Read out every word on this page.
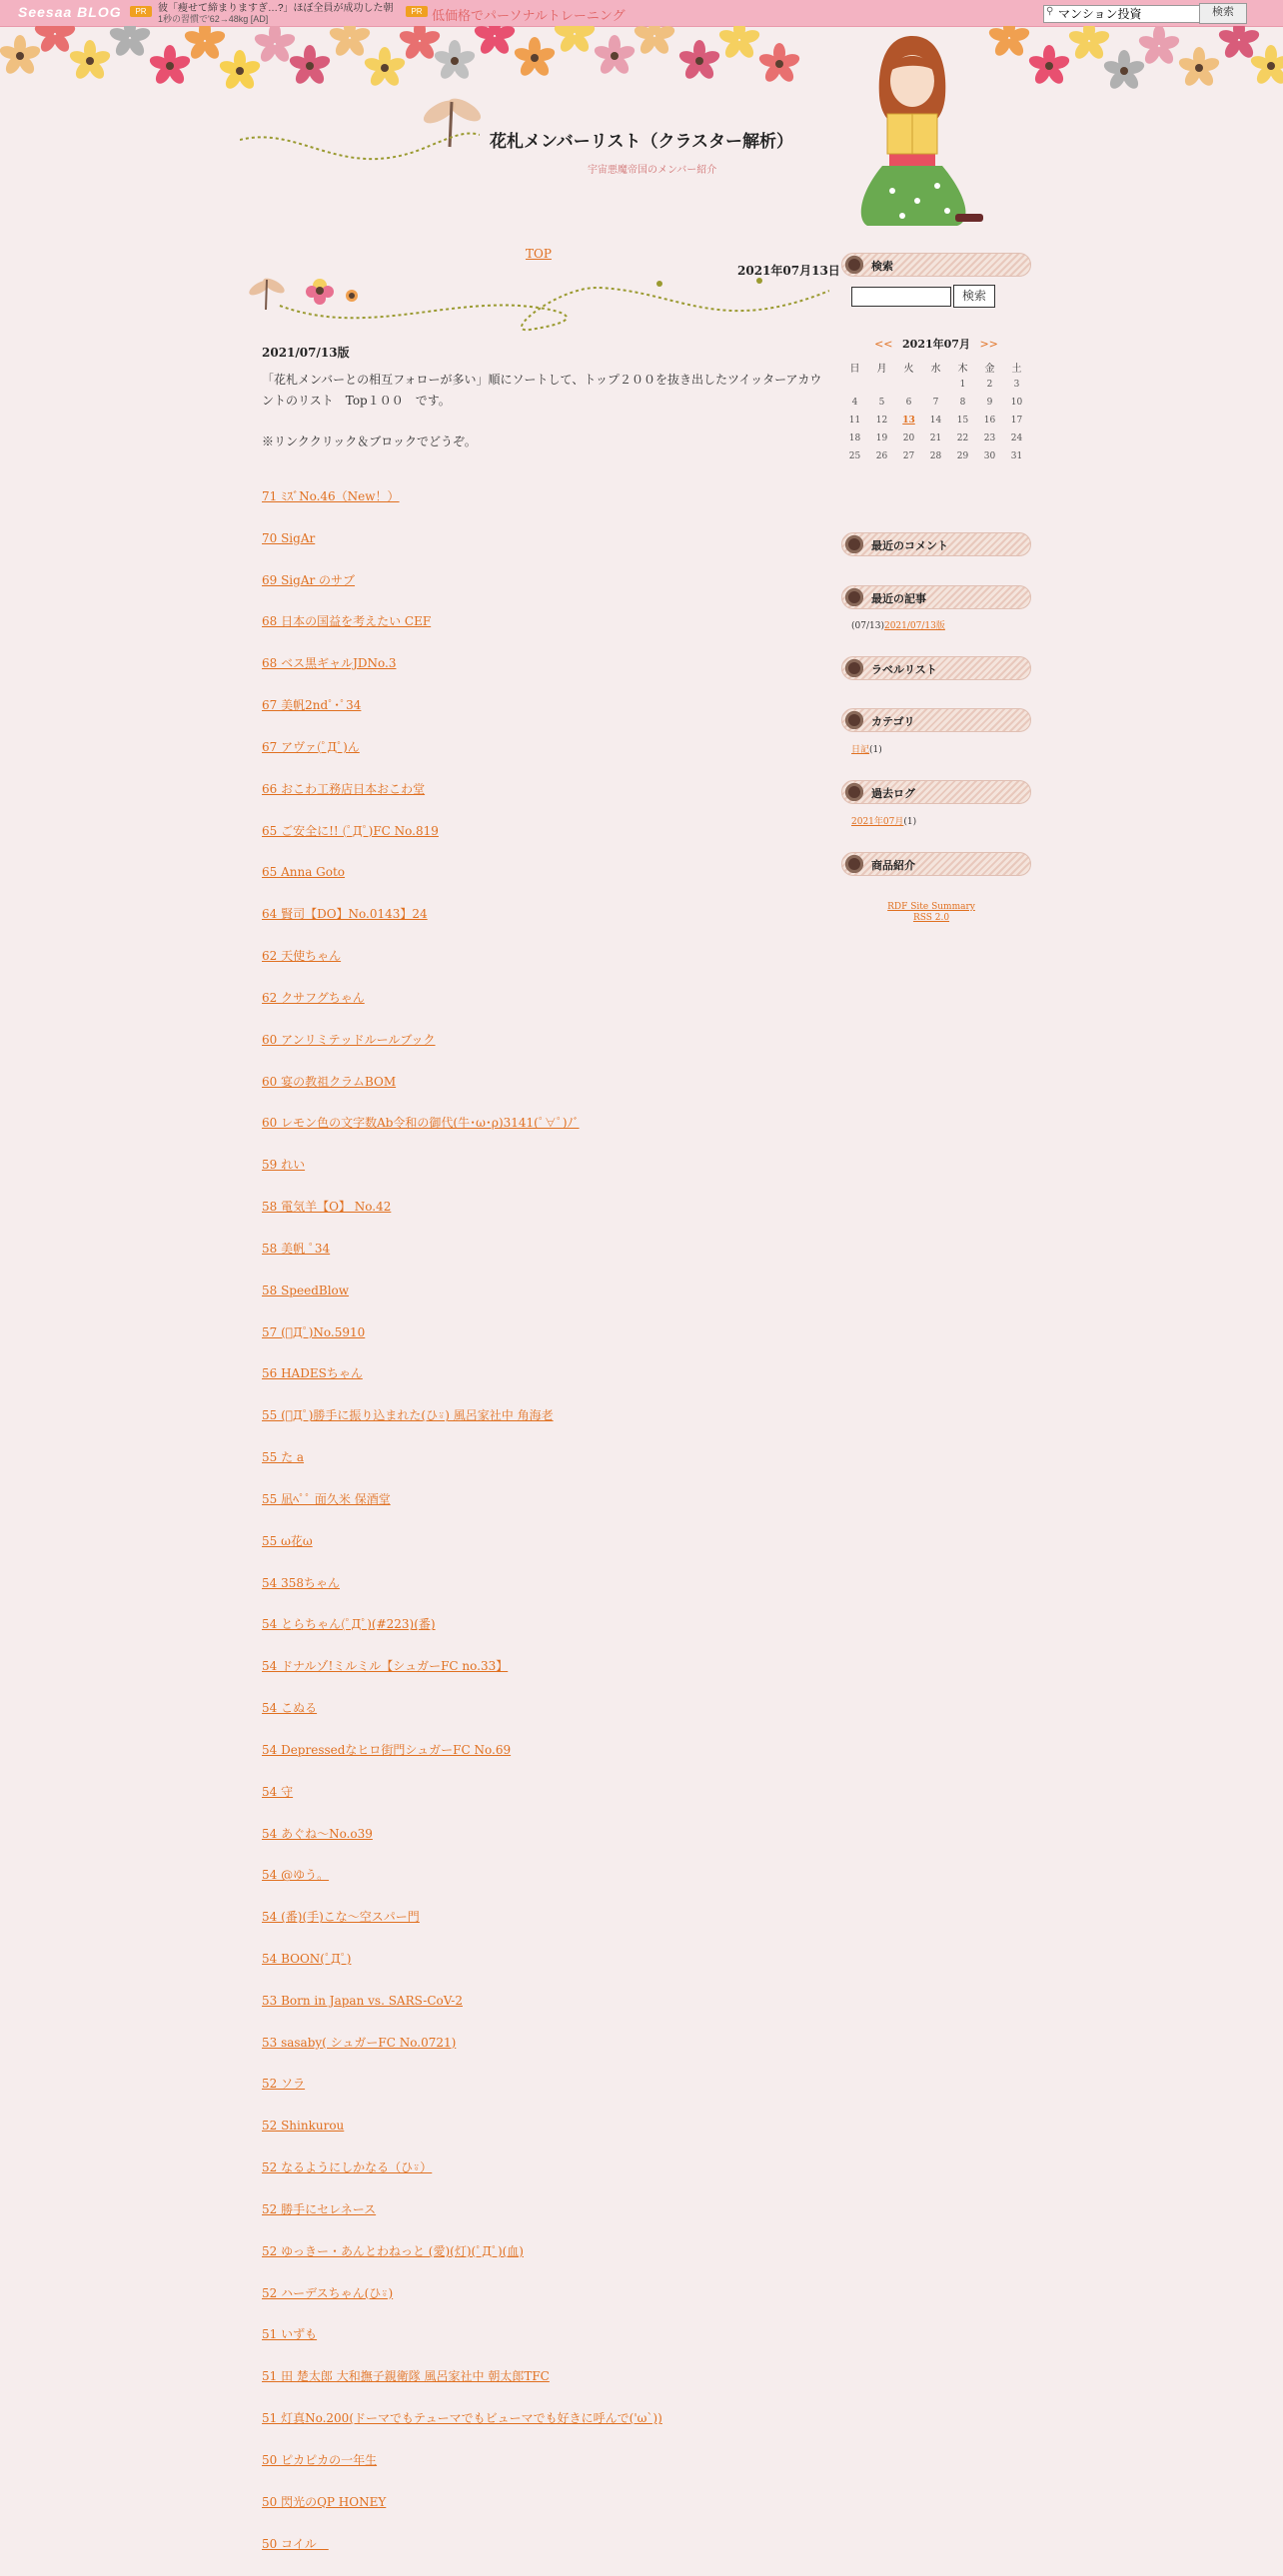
Seesaa BLOG	PR	彼「痩せて締まりますぎ…?」ほぼ全員が成功した朝
1秒の習慣で'62→48kg [AD]
PR 低価格でパーソナルトレーニング	⚲
マンション投資	検索
花札メンバーリスト（クラスター解析）
宇宙悪魔帝国のメンバー紹介
TOP
2021年07月13日
2021/07/13版
「花札メンバーとの相互フォローが多い」順にソートして、トップ２００を抜き出したツイッターアカウントのリスト　Top１００　です。
※リンククリック＆ブロックでどうぞ。
71 ﾐｽﾞNo.46（New！）
70 SigAr
69 SigAr のサブ
68 日本の国益を考えたい CEF
68 ベス黒ギャルJDNo.3
67 美帆2ndﾟ･ﾟ34
67 アヴァ(ﾟДﾟ)ん
66 おこわ工務店日本おこわ堂
65 ご安全に!! (ﾟДﾟ)FC No.819
65 Anna Goto
64 賢司【DO】No.0143】24
62 天使ちゃん
62 クサフグちゃん
60 アンリミテッドルールブック
60 宴の教祖クラムBOM
60 レモン色の文字数Ab令和の御代(牛･ω･ρ)3141(ﾟ∀ﾟ)ﾉﾞ
59 れい
58 電気羊【O】 No.42
58 美帆 ﾟ34
58 SpeedBlow
57 (ﾟДﾟ)No.5910
56 HADESちゃん
55 (ﾟДﾟ)勝手に振り込まれた(ひ⍤) 風呂家社中 角海老
55 た a
55 凪ﾍﾟﾟ 面久米 保酒堂
55 ω花ω
54 358ちゃん
54 とらちゃん(ﾟДﾟ)(#223)(番)
54 ドナルゾ!ミルミル【シュガーFC no.33】
54 こぬる
54 Depressedなヒロ街門シュガーFC No.69
54 守
54 あぐね～No.o39
54 @ゆう。
54 (番)(手)こな～空スパー門
54 BOON(ﾟДﾟ)
53 Born in Japan vs. SARS-CoV-2
53 sasaby( シュガーFC No.0721)
52 ソラ
52 Shinkurou
52 なるようにしかなる（ひ⍤）
52 勝手にセレネース
52 ゆっきー・あんとわねっと (愛)(灯)(ﾟДﾟ)(血)
52 ハーデスちゃん(ひ⍤)
51 いずも
51 田 楚太郎 大和撫子親衛隊 風呂家社中 朝太郎TFC
51 灯真No.200(ドーマでもテューマでもビューマでも好きに呼んで('ω`))
50 ピカピカの一年生
50 閃光のQP HONEY
50 コイル　
検索
検索
<< 2021年07月 >>
日	月	火	水	木	金	土
				1	2	3
4	5	6	7	8	9	10
11	12	13	14	15	16	17
18	19	20	21	22	23	24
25	26	27	28	29	30	31
最近のコメント
最近の記事
(07/13)2021/07/13版
ラベルリスト
カテゴリ
日記(1)
過去ログ
2021年07月(1)
商品紹介
RDF Site Summary
RSS 2.0
